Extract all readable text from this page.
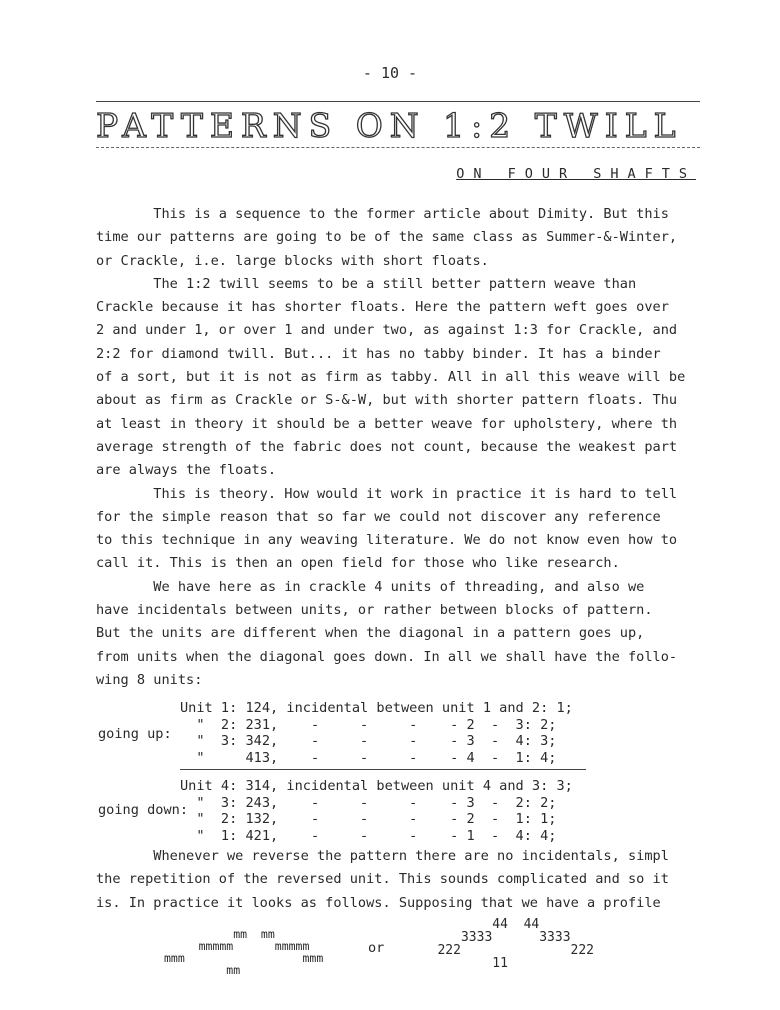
- 10 -
PATTERNS ON 1:2 TWILL
ON FOUR SHAFTS
This is a sequence to the former article about Dimity. But this
time our patterns are going to be of the same class as Summer-&-Winter,
or Crackle, i.e. large blocks with short floats.
The 1:2 twill seems to be a still better pattern weave than
Crackle because it has shorter floats. Here the pattern weft goes over
2 and under 1, or over 1 and under two, as against 1:3 for Crackle, and
2:2 for diamond twill. But... it has no tabby binder. It has a binder
of a sort, but it is not as firm as tabby. All in all this weave will be
about as firm as Crackle or S-&-W, but with shorter pattern floats. Thu
at least in theory it should be a better weave for upholstery, where th
average strength of the fabric does not count, because the weakest part
are always the floats.
This is theory. How would it work in practice it is hard to tell
for the simple reason that so far we could not discover any reference
to this technique in any weaving literature. We do not know even how to
call it. This is then an open field for those who like research.
We have here as in crackle 4 units of threading, and also we
have incidentals between units, or rather between blocks of pattern.
But the units are different when the diagonal in a pattern goes up,
from units when the diagonal goes down. In all we shall have the follo-
wing 8 units:
going up:
Unit 1: 124, incidental between unit 1 and 2: 1;
"  2: 231,    -     -     -    - 2  -  3: 2;
"  3: 342,    -     -     -    - 3  -  4: 3;
"     413,    -     -     -    - 4  -  1: 4;
going down:
Unit 4: 314, incidental between unit 4 and 3: 3;
"  3: 243,    -     -     -    - 3  -  2: 2;
"  2: 132,    -     -     -    - 2  -  1: 1;
"  1: 421,    -     -     -    - 1  -  4: 4;
Whenever we reverse the pattern there are no incidentals, simpl
the repetition of the reversed unit. This sounds complicated and so it
is. In practice it looks as follows. Supposing that we have a profile
mm  mm
mmmmm      mmmmm
mmm                 mmm
mm
or
44  44
3333      3333
222              222
11
